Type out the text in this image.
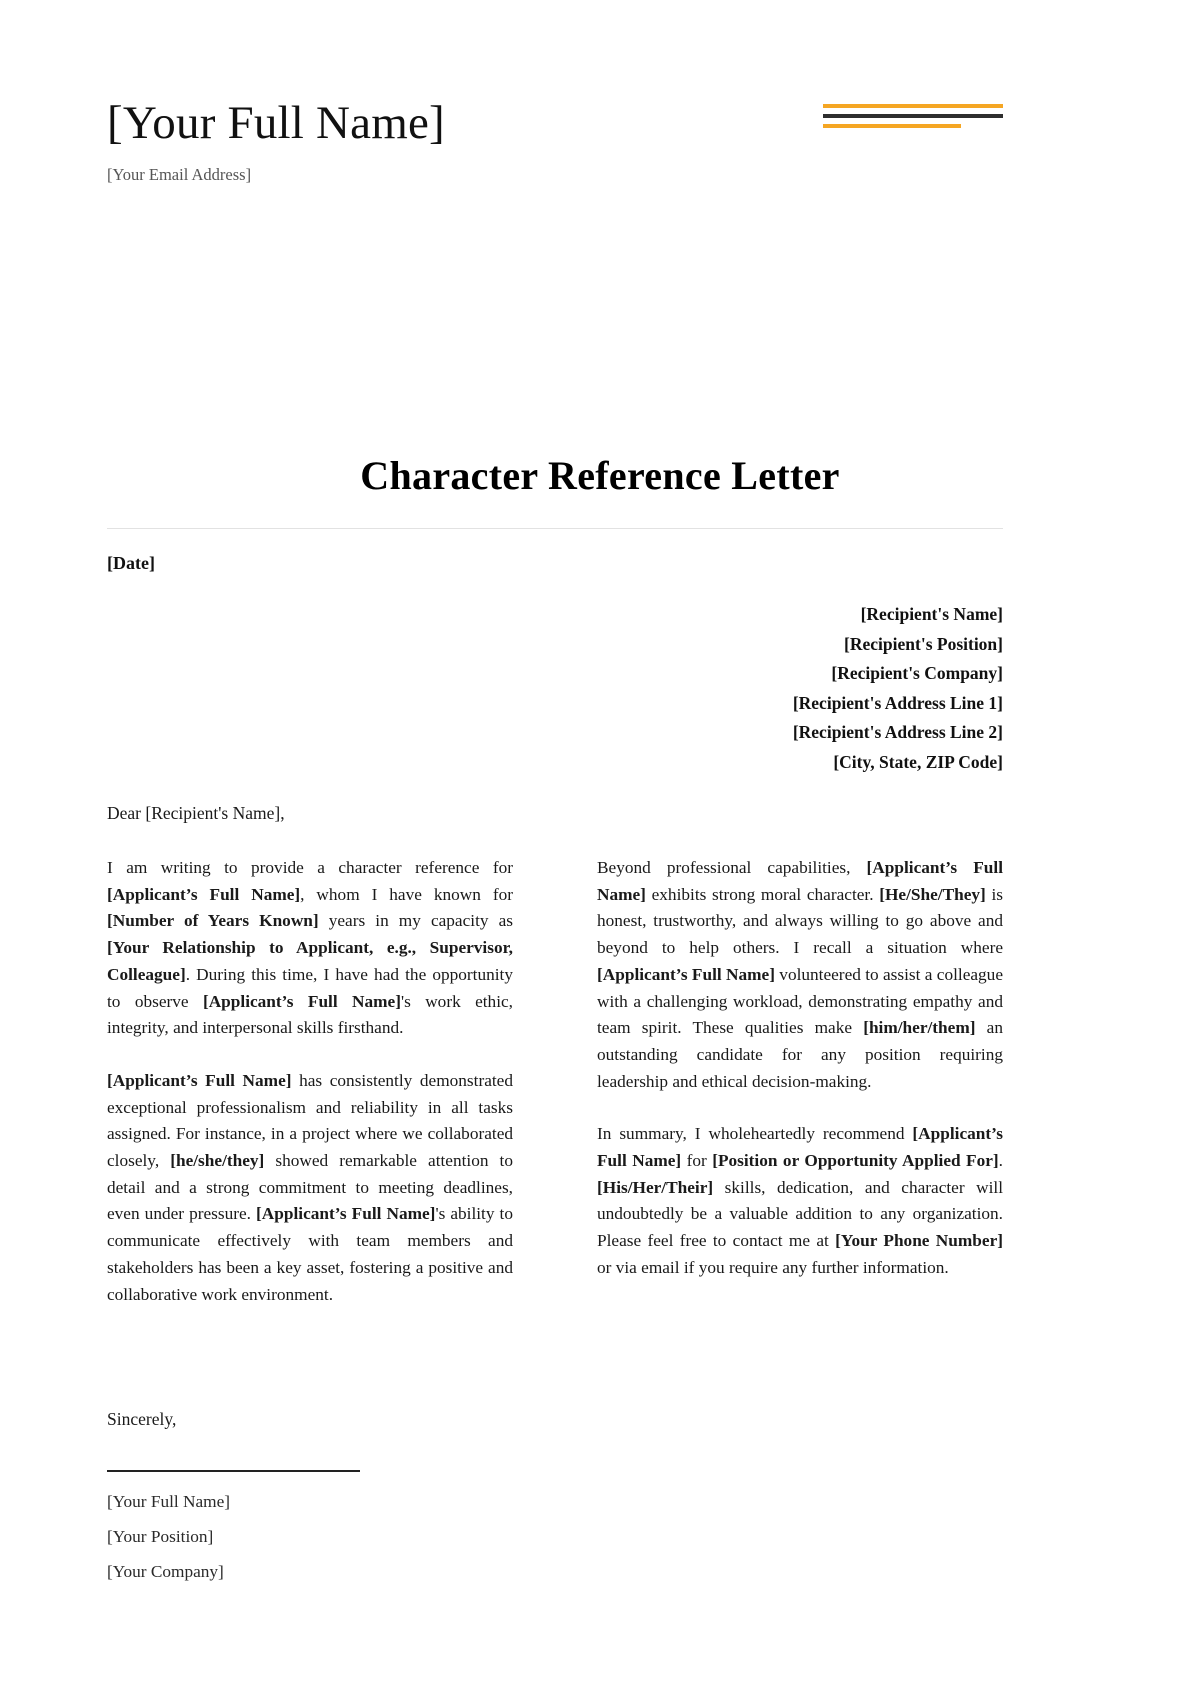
[Your Full Name]
[Your Email Address]
Character Reference Letter
[Date]
[Recipient's Name]
[Recipient's Position]
[Recipient's Company]
[Recipient's Address Line 1]
[Recipient's Address Line 2]
[City, State, ZIP Code]
Dear [Recipient's Name],

I am writing to provide a character reference for [Applicant’s Full Name], whom I have known for [Number of Years Known] years in my capacity as [Your Relationship to Applicant, e.g., Supervisor, Colleague]. During this time, I have had the opportunity to observe [Applicant’s Full Name]'s work ethic, integrity, and interpersonal skills firsthand.

[Applicant’s Full Name] has consistently demonstrated exceptional professionalism and reliability in all tasks assigned. For instance, in a project where we collaborated closely, [he/she/they] showed remarkable attention to detail and a strong commitment to meeting deadlines, even under pressure. [Applicant’s Full Name]'s ability to communicate effectively with team members and stakeholders has been a key asset, fostering a positive and collaborative work environment.

Beyond professional capabilities, [Applicant’s Full Name] exhibits strong moral character. [He/She/They] is honest, trustworthy, and always willing to go above and beyond to help others. I recall a situation where [Applicant’s Full Name] volunteered to assist a colleague with a challenging workload, demonstrating empathy and team spirit. These qualities make [him/her/them] an outstanding candidate for any position requiring leadership and ethical decision-making.

In summary, I wholeheartedly recommend [Applicant’s Full Name] for [Position or Opportunity Applied For]. [His/Her/Their] skills, dedication, and character will undoubtedly be a valuable addition to any organization. Please feel free to contact me at [Your Phone Number] or via email if you require any further information.

Sincerely,
[Your Full Name]
[Your Position]
[Your Company]
